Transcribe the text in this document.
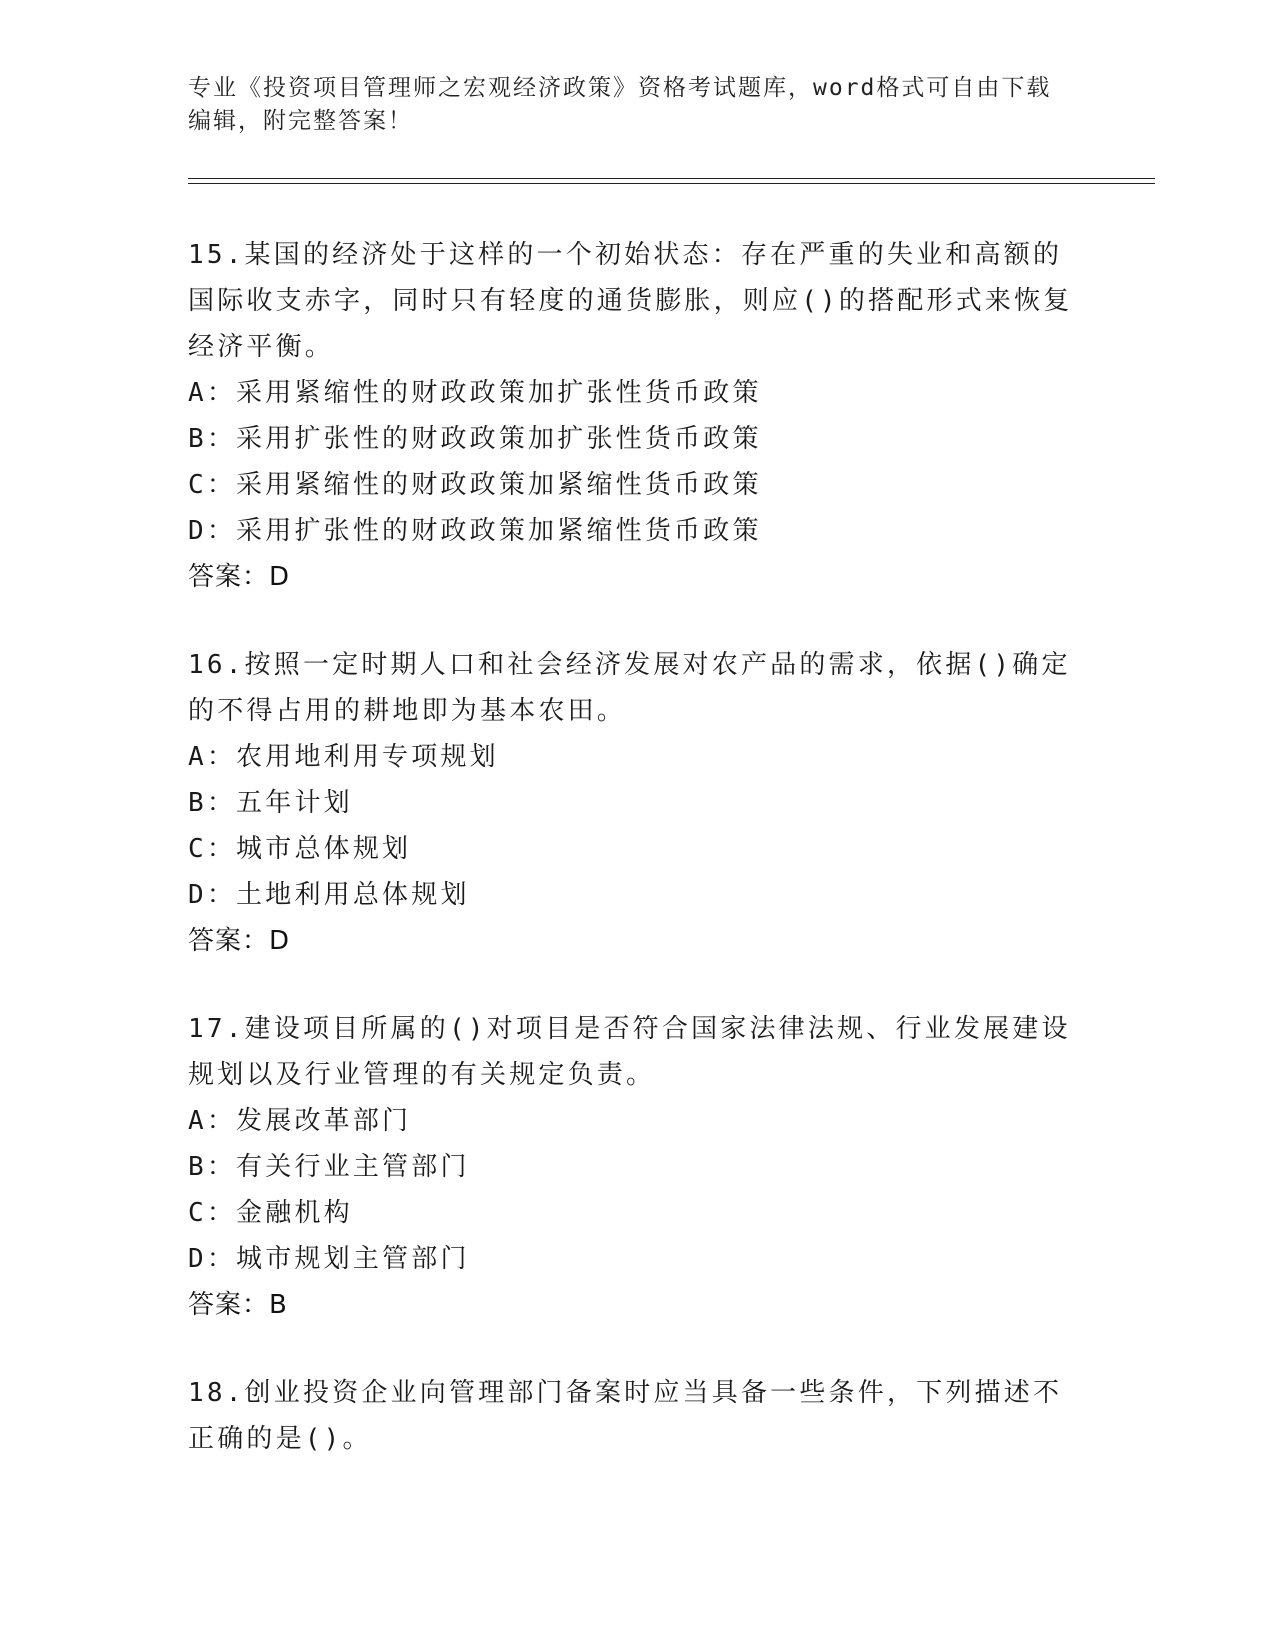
专业《投资项目管理师之宏观经济政策》资格考试题库，word格式可自由下载编辑，附完整答案！
15.某国的经济处于这样的一个初始状态：存在严重的失业和高额的国际收支赤字，同时只有轻度的通货膨胀，则应()的搭配形式来恢复经济平衡。
A：采用紧缩性的财政政策加扩张性货币政策
B：采用扩张性的财政政策加扩张性货币政策
C：采用紧缩性的财政政策加紧缩性货币政策
D：采用扩张性的财政政策加紧缩性货币政策
答案：D
16.按照一定时期人口和社会经济发展对农产品的需求，依据()确定的不得占用的耕地即为基本农田。
A：农用地利用专项规划
B：五年计划
C：城市总体规划
D：土地利用总体规划
答案：D
17.建设项目所属的()对项目是否符合国家法律法规、行业发展建设规划以及行业管理的有关规定负责。
A：发展改革部门
B：有关行业主管部门
C：金融机构
D：城市规划主管部门
答案：B
18.创业投资企业向管理部门备案时应当具备一些条件，下列描述不正确的是()。
